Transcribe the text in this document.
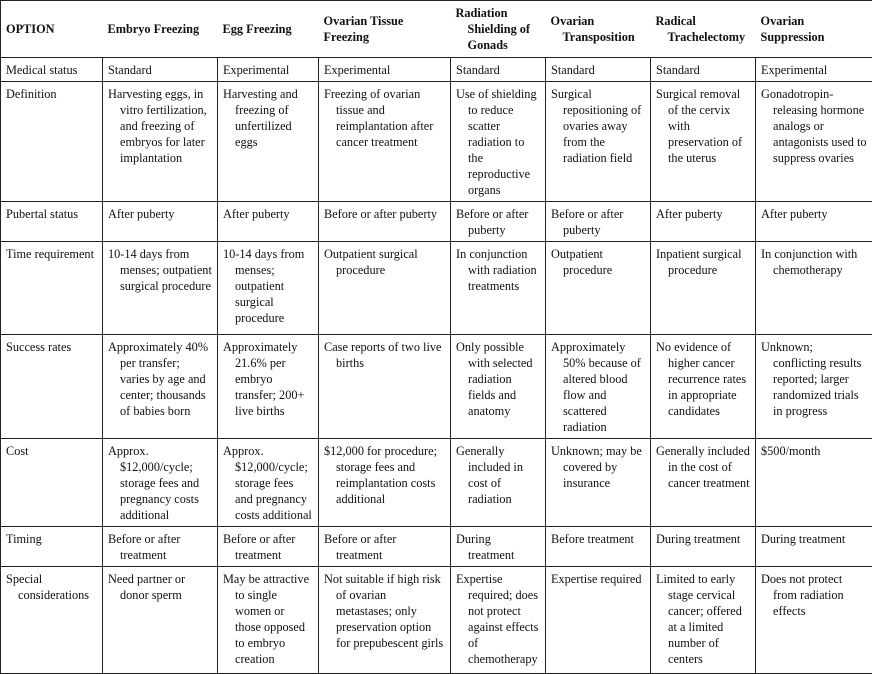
OPTION	Embryo Freezing	Egg Freezing	Ovarian Tissue Freezing	Radiation Shielding of Gonads	Ovarian Transposition	Radical Trachelectomy	Ovarian Suppression

Medical status	Standard	Experimental	Experimental	Standard	Standard	Standard	Experimental

Definition	Harvesting eggs, in vitro fertilization, and freezing of embryos for later implantation	Harvesting and freezing of unfertilized eggs	Freezing of ovarian tissue and reimplantation after cancer treatment	Use of shielding to reduce scatter radiation to the reproductive organs	Surgical repositioning of ovaries away from the radiation field	Surgical removal of the cervix with preservation of the uterus	Gonadotropin-releasing hormone analogs or antagonists used to suppress ovaries

Pubertal status	After puberty	After puberty	Before or after puberty	Before or after puberty	Before or after puberty	After puberty	After puberty

Time requirement	10-14 days from menses; outpatient surgical procedure	10-14 days from menses; outpatient surgical procedure	Outpatient surgical procedure	In conjunction with radiation treatments	Outpatient procedure	Inpatient surgical procedure	In conjunction with chemotherapy

Success rates	Approximately 40% per transfer; varies by age and center; thousands of babies born	Approximately 21.6% per embryo transfer; 200+ live births	Case reports of two live births	Only possible with selected radiation fields and anatomy	Approximately 50% because of altered blood flow and scattered radiation	No evidence of higher cancer recurrence rates in appropriate candidates	Unknown; conflicting results reported; larger randomized trials in progress

Cost	Approx. $12,000/cycle; storage fees and pregnancy costs additional	Approx. $12,000/cycle; storage fees and pregnancy costs additional	$12,000 for procedure; storage fees and reimplantation costs additional	Generally included in cost of radiation	Unknown; may be covered by insurance	Generally included in the cost of cancer treatment	$500/month

Timing	Before or after treatment	Before or after treatment	Before or after treatment	During treatment	Before treatment	During treatment	During treatment

Special considerations	Need partner or donor sperm	May be attractive to single women or those opposed to embryo creation	Not suitable if high risk of ovarian metastases; only preservation option for prepubescent girls	Expertise required; does not protect against effects of chemotherapy	Expertise required	Limited to early stage cervical cancer; offered at a limited number of centers	Does not protect from radiation effects
